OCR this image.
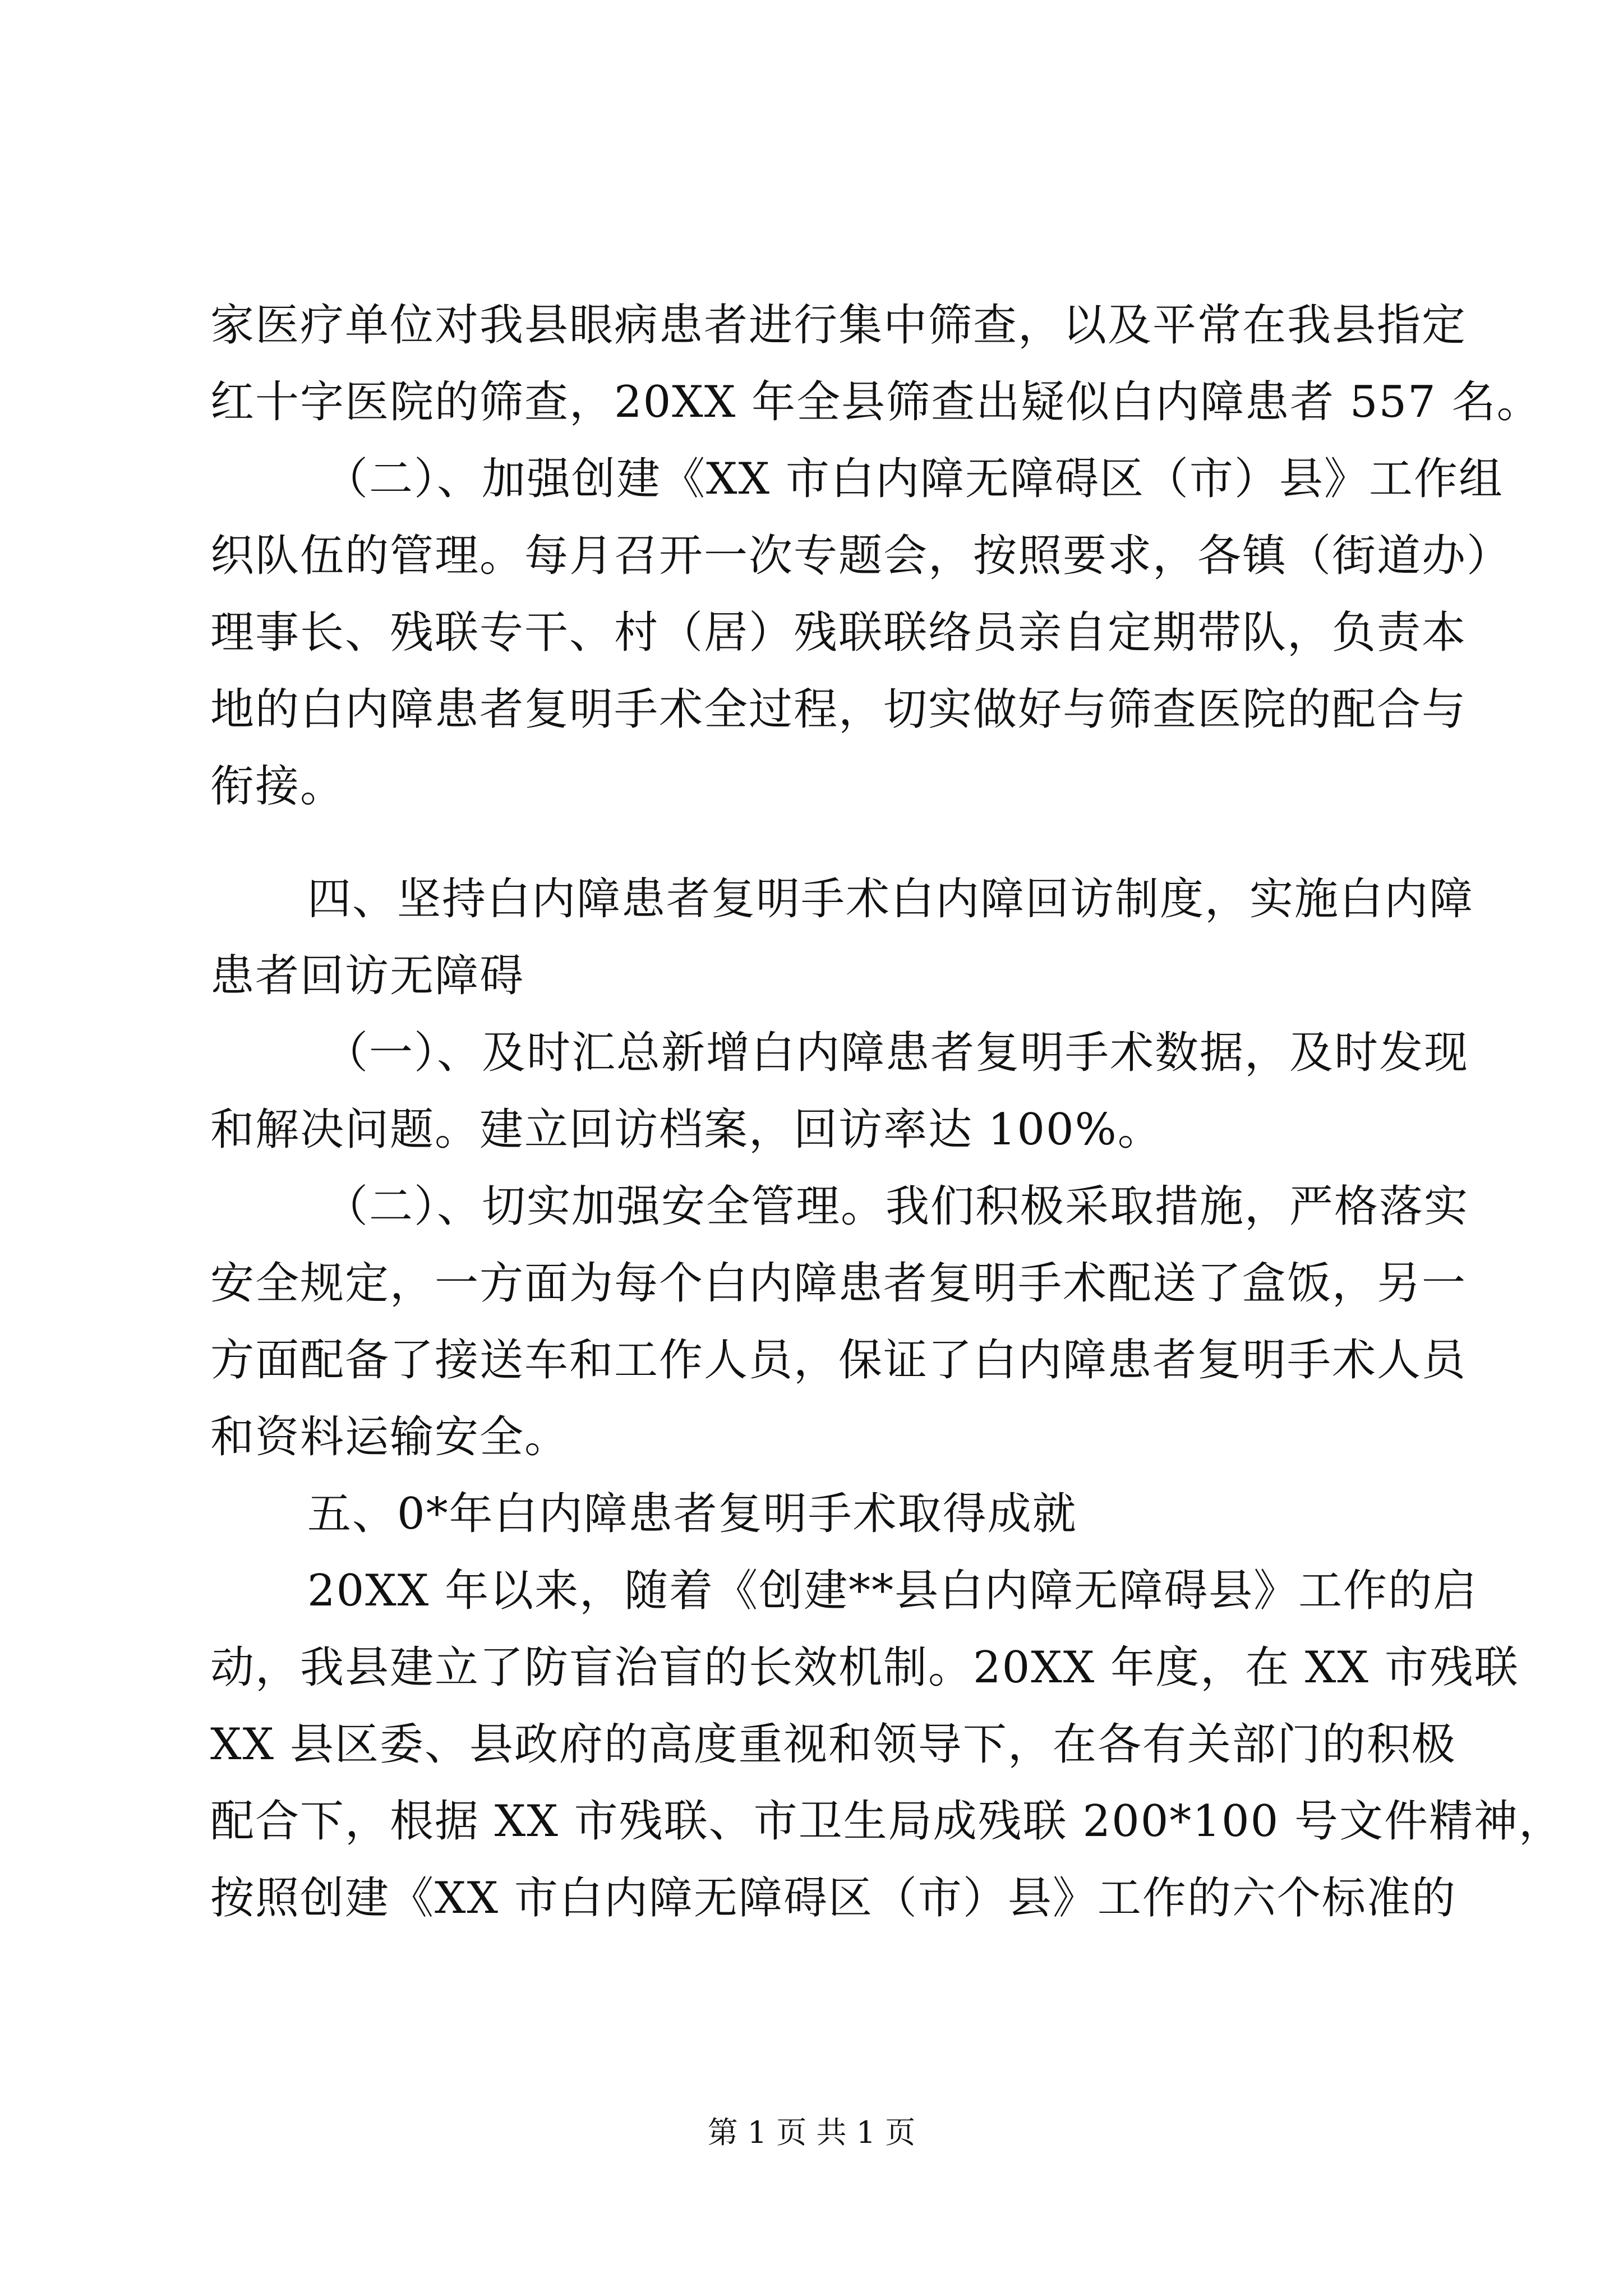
家医疗单位对我县眼病患者进行集中筛查，以及平常在我县指定
红十字医院的筛查，20XX 年全县筛查出疑似白内障患者 557 名。
（二）、加强创建《XX 市白内障无障碍区（市）县》工作组
织队伍的管理。每月召开一次专题会，按照要求，各镇（街道办）
理事长、残联专干、村（居）残联联络员亲自定期带队，负责本
地的白内障患者复明手术全过程，切实做好与筛查医院的配合与
衔接。
四、坚持白内障患者复明手术白内障回访制度，实施白内障
患者回访无障碍
（一）、及时汇总新增白内障患者复明手术数据，及时发现
和解决问题。建立回访档案，回访率达 100%。
（二）、切实加强安全管理。我们积极采取措施，严格落实
安全规定，一方面为每个白内障患者复明手术配送了盒饭，另一
方面配备了接送车和工作人员，保证了白内障患者复明手术人员
和资料运输安全。
五、0*年白内障患者复明手术取得成就
20XX 年以来，随着《创建**县白内障无障碍县》工作的启
动，我县建立了防盲治盲的长效机制。20XX 年度，在 XX 市残联
XX 县区委、县政府的高度重视和领导下，在各有关部门的积极
配合下，根据 XX 市残联、市卫生局成残联 200*100 号文件精神，
按照创建《XX 市白内障无障碍区（市）县》工作的六个标准的
第 1 页 共 1 页
